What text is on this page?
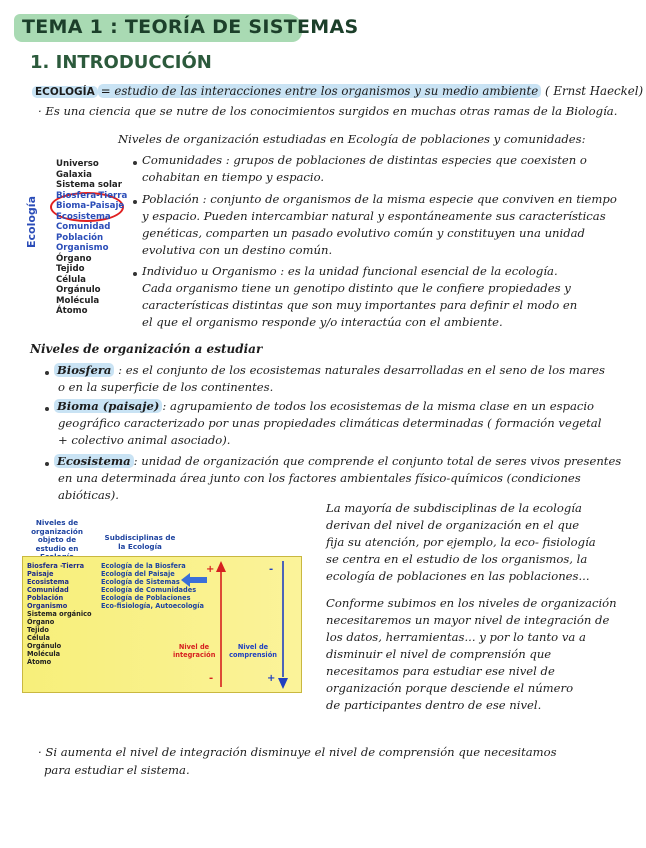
TEMA 1 : TEORÍA DE SISTEMAS
1. INTRODUCCIÓN
ECOLOGÍA = estudio de las interacciones entre los organismos y su medio ambiente ( Ernst Haeckel)
· Es una ciencia que se nutre de los conocimientos surgidos en muchas otras ramas de la Biología.
Niveles de organización estudiadas en Ecología de poblaciones y comunidades:
Ecología
Universo
Galaxia
Sistema solar
Biosfera-Tierra
Bioma-Paisaje
Ecosistema
Comunidad
Población
Organismo
Órgano
Tejido
Célula
Orgánulo
Molécula
Átomo
Comunidades : grupos de poblaciones de distintas especies que coexisten o
cohabitan en tiempo y espacio.
Población : conjunto de organismos de la misma especie que conviven en tiempo
y espacio. Pueden intercambiar natural y espontáneamente sus características
genéticas, comparten un pasado evolutivo común y constituyen una unidad
evolutiva con un destino común.
Individuo u Organismo : es la unidad funcional esencial de la ecología.
Cada organismo tiene un genotipo distinto que le confiere propiedades y
características distintas que son muy importantes para definir el modo en
el que el organismo responde y/o interactúa con el ambiente.
Niveles de organización a estudiar
Biosfera : es el conjunto de los ecosistemas naturales desarrolladas en el seno de los mares
o en la superficie de los continentes.
Bioma (paisaje) : agrupamiento de todos los ecosistemas de la misma clase en un espacio
geográfico caracterizado por unas propiedades climáticas determinadas ( formación vegetal
+ colectivo animal asociado).
Ecosistema : unidad de organización que comprende el conjunto total de seres vivos presentes
en una determinada área junto con los factores ambientales físico-químicos (condiciones
abióticas).
Niveles de organización objeto de estudio en
Subdisciplinas de la Ecología
Biosfera -Tierra
Paisaje
Ecosistema
Comunidad
Población
Organismo
Sistema orgánico
Órgano
Tejido
Célula
Orgánulo
Molécula
Átomo
Ecología de la Biosfera
Ecología del Paisaje
Ecología de Sistemas
Ecología de Comunidades
Ecología de Poblaciones
Eco-fisiología, Autoecología
+
-
Nivel de integración
-
+
Nivel de comprensión
La mayoría de subdisciplinas de la ecología
derivan del nivel de organización en el que
fija su atención, por ejemplo, la eco- fisiología
se centra en el estudio de los organismos, la
ecología de poblaciones en las poblaciones...
Conforme subimos en los niveles de organización
necesitaremos un mayor nivel de integración de
los datos, herramientas... y por lo tanto va a
disminuir el nivel de comprensión que
necesitamos para estudiar ese nivel de
organización porque desciende el número
de participantes dentro de ese nivel.
· Si aumenta el nivel de integración disminuye el nivel de comprensión que necesitamos
para estudiar el sistema.
